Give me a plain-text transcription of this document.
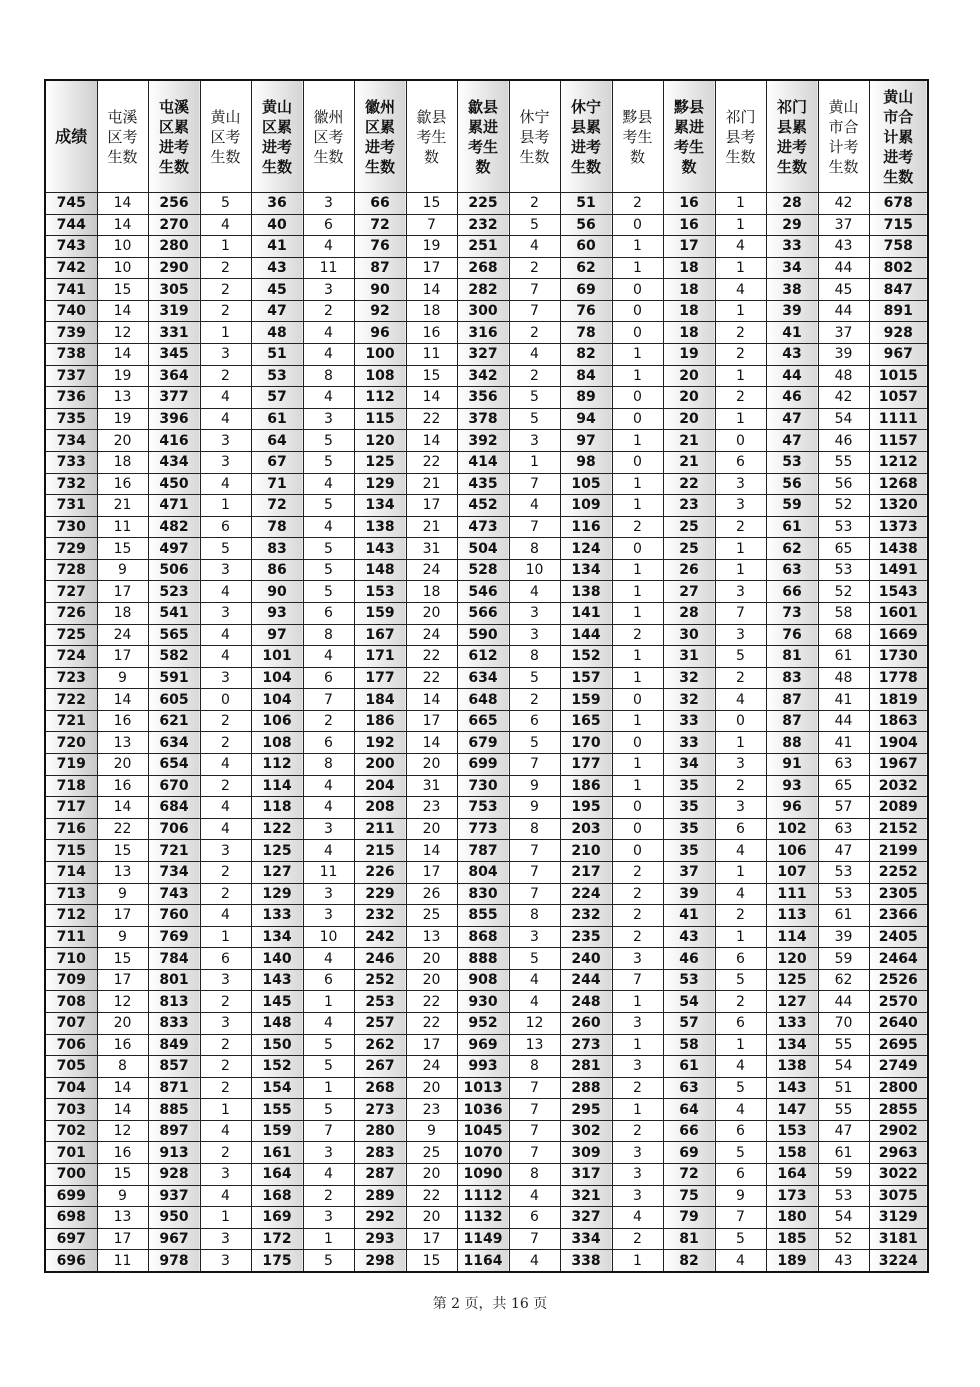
成绩	屯溪区考生数	屯溪区累进考生数	黄山区考生数	黄山区累进考生数	徽州区考生数	徽州区累进考生数	歙县考生数	歙县累进考生数	休宁县考生数	休宁县累进考生数	黟县考生数	黟县累进考生数	祁门县考生数	祁门县累进考生数	黄山市合计考生数	黄山市合计累进考生数
745	14	256	5	36	3	66	15	225	2	51	2	16	1	28	42	678
744	14	270	4	40	6	72	7	232	5	56	0	16	1	29	37	715
743	10	280	1	41	4	76	19	251	4	60	1	17	4	33	43	758
742	10	290	2	43	11	87	17	268	2	62	1	18	1	34	44	802
741	15	305	2	45	3	90	14	282	7	69	0	18	4	38	45	847
740	14	319	2	47	2	92	18	300	7	76	0	18	1	39	44	891
739	12	331	1	48	4	96	16	316	2	78	0	18	2	41	37	928
738	14	345	3	51	4	100	11	327	4	82	1	19	2	43	39	967
737	19	364	2	53	8	108	15	342	2	84	1	20	1	44	48	1015
736	13	377	4	57	4	112	14	356	5	89	0	20	2	46	42	1057
735	19	396	4	61	3	115	22	378	5	94	0	20	1	47	54	1111
734	20	416	3	64	5	120	14	392	3	97	1	21	0	47	46	1157
733	18	434	3	67	5	125	22	414	1	98	0	21	6	53	55	1212
732	16	450	4	71	4	129	21	435	7	105	1	22	3	56	56	1268
731	21	471	1	72	5	134	17	452	4	109	1	23	3	59	52	1320
730	11	482	6	78	4	138	21	473	7	116	2	25	2	61	53	1373
729	15	497	5	83	5	143	31	504	8	124	0	25	1	62	65	1438
728	9	506	3	86	5	148	24	528	10	134	1	26	1	63	53	1491
727	17	523	4	90	5	153	18	546	4	138	1	27	3	66	52	1543
726	18	541	3	93	6	159	20	566	3	141	1	28	7	73	58	1601
725	24	565	4	97	8	167	24	590	3	144	2	30	3	76	68	1669
724	17	582	4	101	4	171	22	612	8	152	1	31	5	81	61	1730
723	9	591	3	104	6	177	22	634	5	157	1	32	2	83	48	1778
722	14	605	0	104	7	184	14	648	2	159	0	32	4	87	41	1819
721	16	621	2	106	2	186	17	665	6	165	1	33	0	87	44	1863
720	13	634	2	108	6	192	14	679	5	170	0	33	1	88	41	1904
719	20	654	4	112	8	200	20	699	7	177	1	34	3	91	63	1967
718	16	670	2	114	4	204	31	730	9	186	1	35	2	93	65	2032
717	14	684	4	118	4	208	23	753	9	195	0	35	3	96	57	2089
716	22	706	4	122	3	211	20	773	8	203	0	35	6	102	63	2152
715	15	721	3	125	4	215	14	787	7	210	0	35	4	106	47	2199
714	13	734	2	127	11	226	17	804	7	217	2	37	1	107	53	2252
713	9	743	2	129	3	229	26	830	7	224	2	39	4	111	53	2305
712	17	760	4	133	3	232	25	855	8	232	2	41	2	113	61	2366
711	9	769	1	134	10	242	13	868	3	235	2	43	1	114	39	2405
710	15	784	6	140	4	246	20	888	5	240	3	46	6	120	59	2464
709	17	801	3	143	6	252	20	908	4	244	7	53	5	125	62	2526
708	12	813	2	145	1	253	22	930	4	248	1	54	2	127	44	2570
707	20	833	3	148	4	257	22	952	12	260	3	57	6	133	70	2640
706	16	849	2	150	5	262	17	969	13	273	1	58	1	134	55	2695
705	8	857	2	152	5	267	24	993	8	281	3	61	4	138	54	2749
704	14	871	2	154	1	268	20	1013	7	288	2	63	5	143	51	2800
703	14	885	1	155	5	273	23	1036	7	295	1	64	4	147	55	2855
702	12	897	4	159	7	280	9	1045	7	302	2	66	6	153	47	2902
701	16	913	2	161	3	283	25	1070	7	309	3	69	5	158	61	2963
700	15	928	3	164	4	287	20	1090	8	317	3	72	6	164	59	3022
699	9	937	4	168	2	289	22	1112	4	321	3	75	9	173	53	3075
698	13	950	1	169	3	292	20	1132	6	327	4	79	7	180	54	3129
697	17	967	3	172	1	293	17	1149	7	334	2	81	5	185	52	3181
696	11	978	3	175	5	298	15	1164	4	338	1	82	4	189	43	3224
第 2 页，共 16 页
